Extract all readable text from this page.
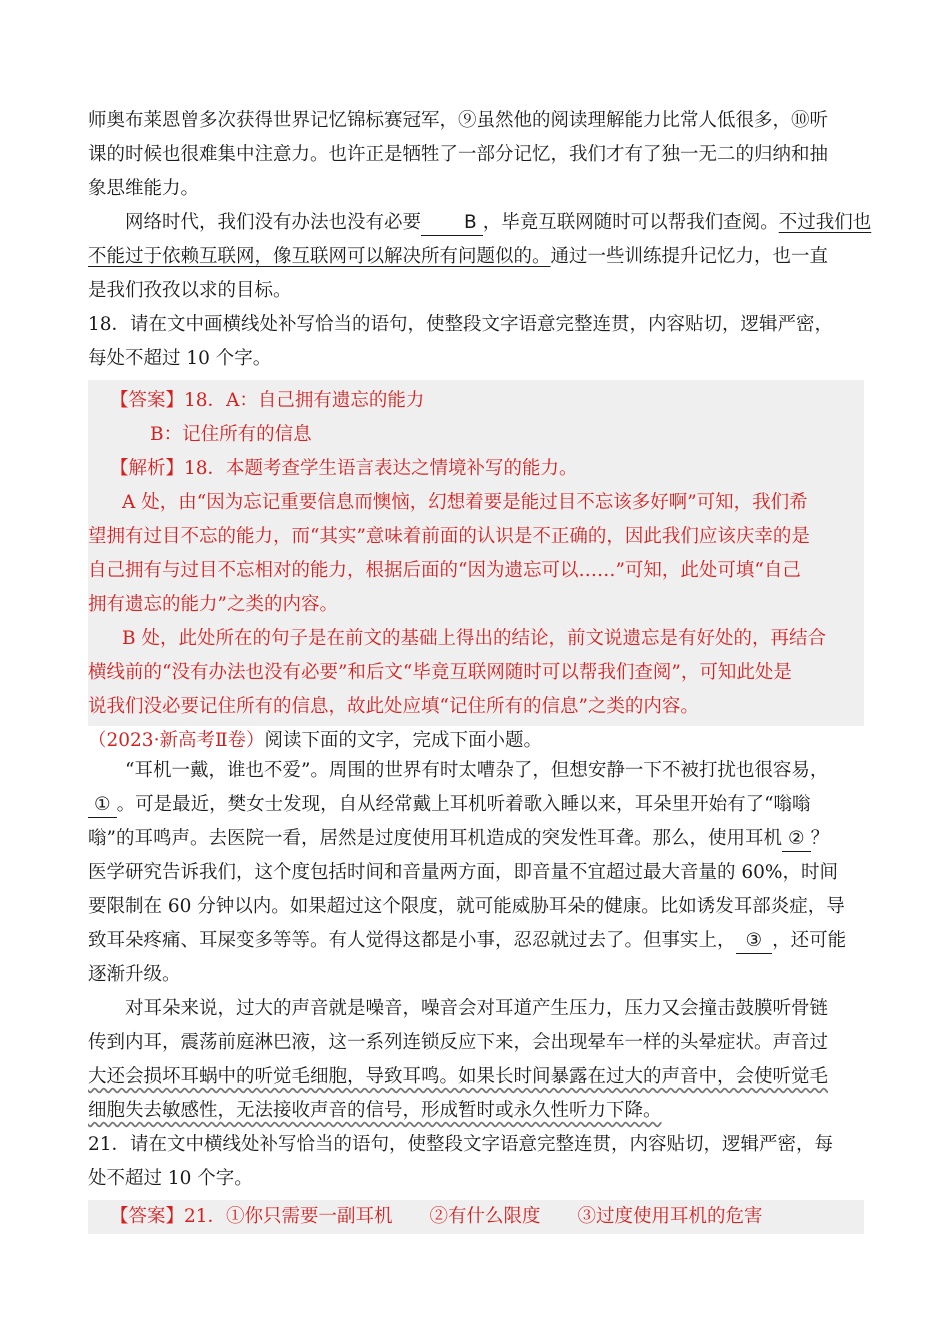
师奥布莱恩曾多次获得世界记忆锦标赛冠军，⑨虽然他的阅读理解能力比常人低很多，⑩听
课的时候也很难集中注意力。也许正是牺牲了一部分记忆，我们才有了独一无二的归纳和抽
象思维能力。
网络时代，我们没有办法也没有必要 B ，毕竟互联网随时可以帮我们查阅。不过我们也
不能过于依赖互联网，像互联网可以解决所有问题似的。通过一些训练提升记忆力，也一直
是我们孜孜以求的目标。
18．请在文中画横线处补写恰当的语句，使整段文字语意完整连贯，内容贴切，逻辑严密，
每处不超过 10 个字。
【答案】18．A：自己拥有遗忘的能力
B：记住所有的信息
【解析】18．本题考查学生语言表达之情境补写的能力。
A 处，由“因为忘记重要信息而懊恼，幻想着要是能过目不忘该多好啊”可知，我们希
望拥有过目不忘的能力，而“其实”意味着前面的认识是不正确的，因此我们应该庆幸的是
自己拥有与过目不忘相对的能力，根据后面的“因为遗忘可以……”可知，此处可填“自己
拥有遗忘的能力”之类的内容。
B 处，此处所在的句子是在前文的基础上得出的结论，前文说遗忘是有好处的，再结合
横线前的“没有办法也没有必要”和后文“毕竟互联网随时可以帮我们查阅”，可知此处是
说我们没必要记住所有的信息，故此处应填“记住所有的信息”之类的内容。
（2023·新高考Ⅱ卷）阅读下面的文字，完成下面小题。
“耳机一戴，谁也不爱”。周围的世界有时太嘈杂了，但想安静一下不被打扰也很容易，
① 。可是最近，樊女士发现，自从经常戴上耳机听着歌入睡以来，耳朵里开始有了“嗡嗡
嗡”的耳鸣声。去医院一看，居然是过度使用耳机造成的突发性耳聋。那么，使用耳机 ② ？
医学研究告诉我们，这个度包括时间和音量两方面，即音量不宜超过最大音量的 60%，时间
要限制在 60 分钟以内。如果超过这个限度，就可能威胁耳朵的健康。比如诱发耳部炎症，导
致耳朵疼痛、耳屎变多等等。有人觉得这都是小事，忍忍就过去了。但事实上， ③ ，还可能
逐渐升级。
对耳朵来说，过大的声音就是噪音，噪音会对耳道产生压力，压力又会撞击鼓膜听骨链
传到内耳，震荡前庭淋巴液，这一系列连锁反应下来，会出现晕车一样的头晕症状。声音过
大还会损坏耳蜗中的听觉毛细胞，导致耳鸣。如果长时间暴露在过大的声音中，会使听觉毛
细胞失去敏感性，无法接收声音的信号，形成暂时或永久性听力下降。
21．请在文中横线处补写恰当的语句，使整段文字语意完整连贯，内容贴切，逻辑严密，每
处不超过 10 个字。
【答案】21．①你只需要一副耳机　　②有什么限度　　③过度使用耳机的危害
